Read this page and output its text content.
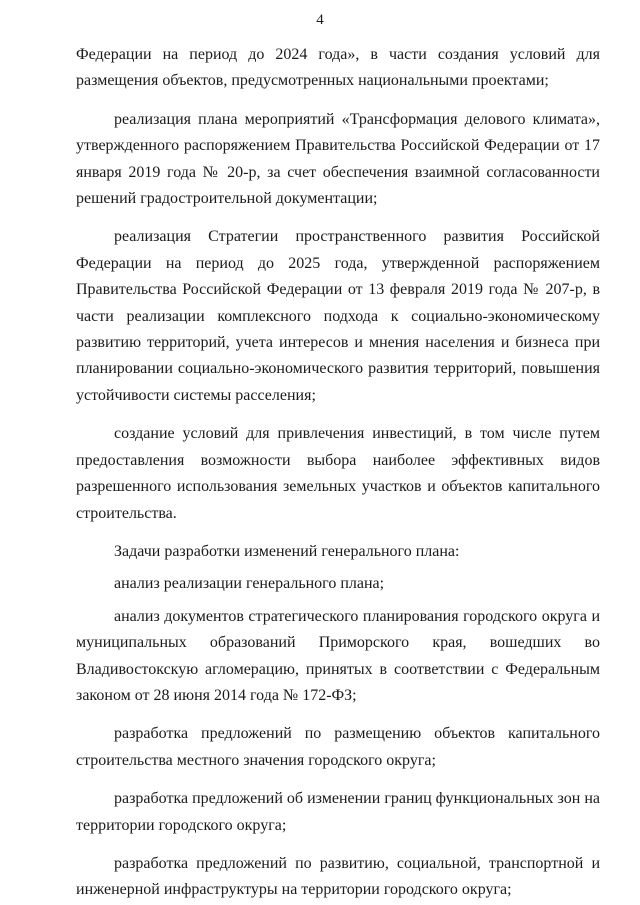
4

Федерации на период до 2024 года», в части создания условий для размещения объектов, предусмотренных национальными проектами;

реализация плана мероприятий «Трансформация делового климата», утвержденного распоряжением Правительства Российской Федерации от 17 января 2019 года № 20-р, за счет обеспечения взаимной согласованности решений градостроительной документации;

реализация Стратегии пространственного развития Российской Федерации на период до 2025 года, утвержденной распоряжением Правительства Российской Федерации от 13 февраля 2019 года № 207-р, в части реализации комплексного подхода к социально-экономическому развитию территорий, учета интересов и мнения населения и бизнеса при планировании социально-экономического развития территорий, повышения устойчивости системы расселения;

создание условий для привлечения инвестиций, в том числе путем предоставления возможности выбора наиболее эффективных видов разрешенного использования земельных участков и объектов капитального строительства.

Задачи разработки изменений генерального плана:

анализ реализации генерального плана;

анализ документов стратегического планирования городского округа и муниципальных образований Приморского края, вошедших во Владивостокскую агломерацию, принятых в соответствии с Федеральным законом от 28 июня 2014 года № 172-ФЗ;

разработка предложений по размещению объектов капитального строительства местного значения городского округа;

разработка предложений об изменении границ функциональных зон на территории городского округа;

разработка предложений по развитию, социальной, транспортной и инженерной инфраструктуры на территории городского округа;
